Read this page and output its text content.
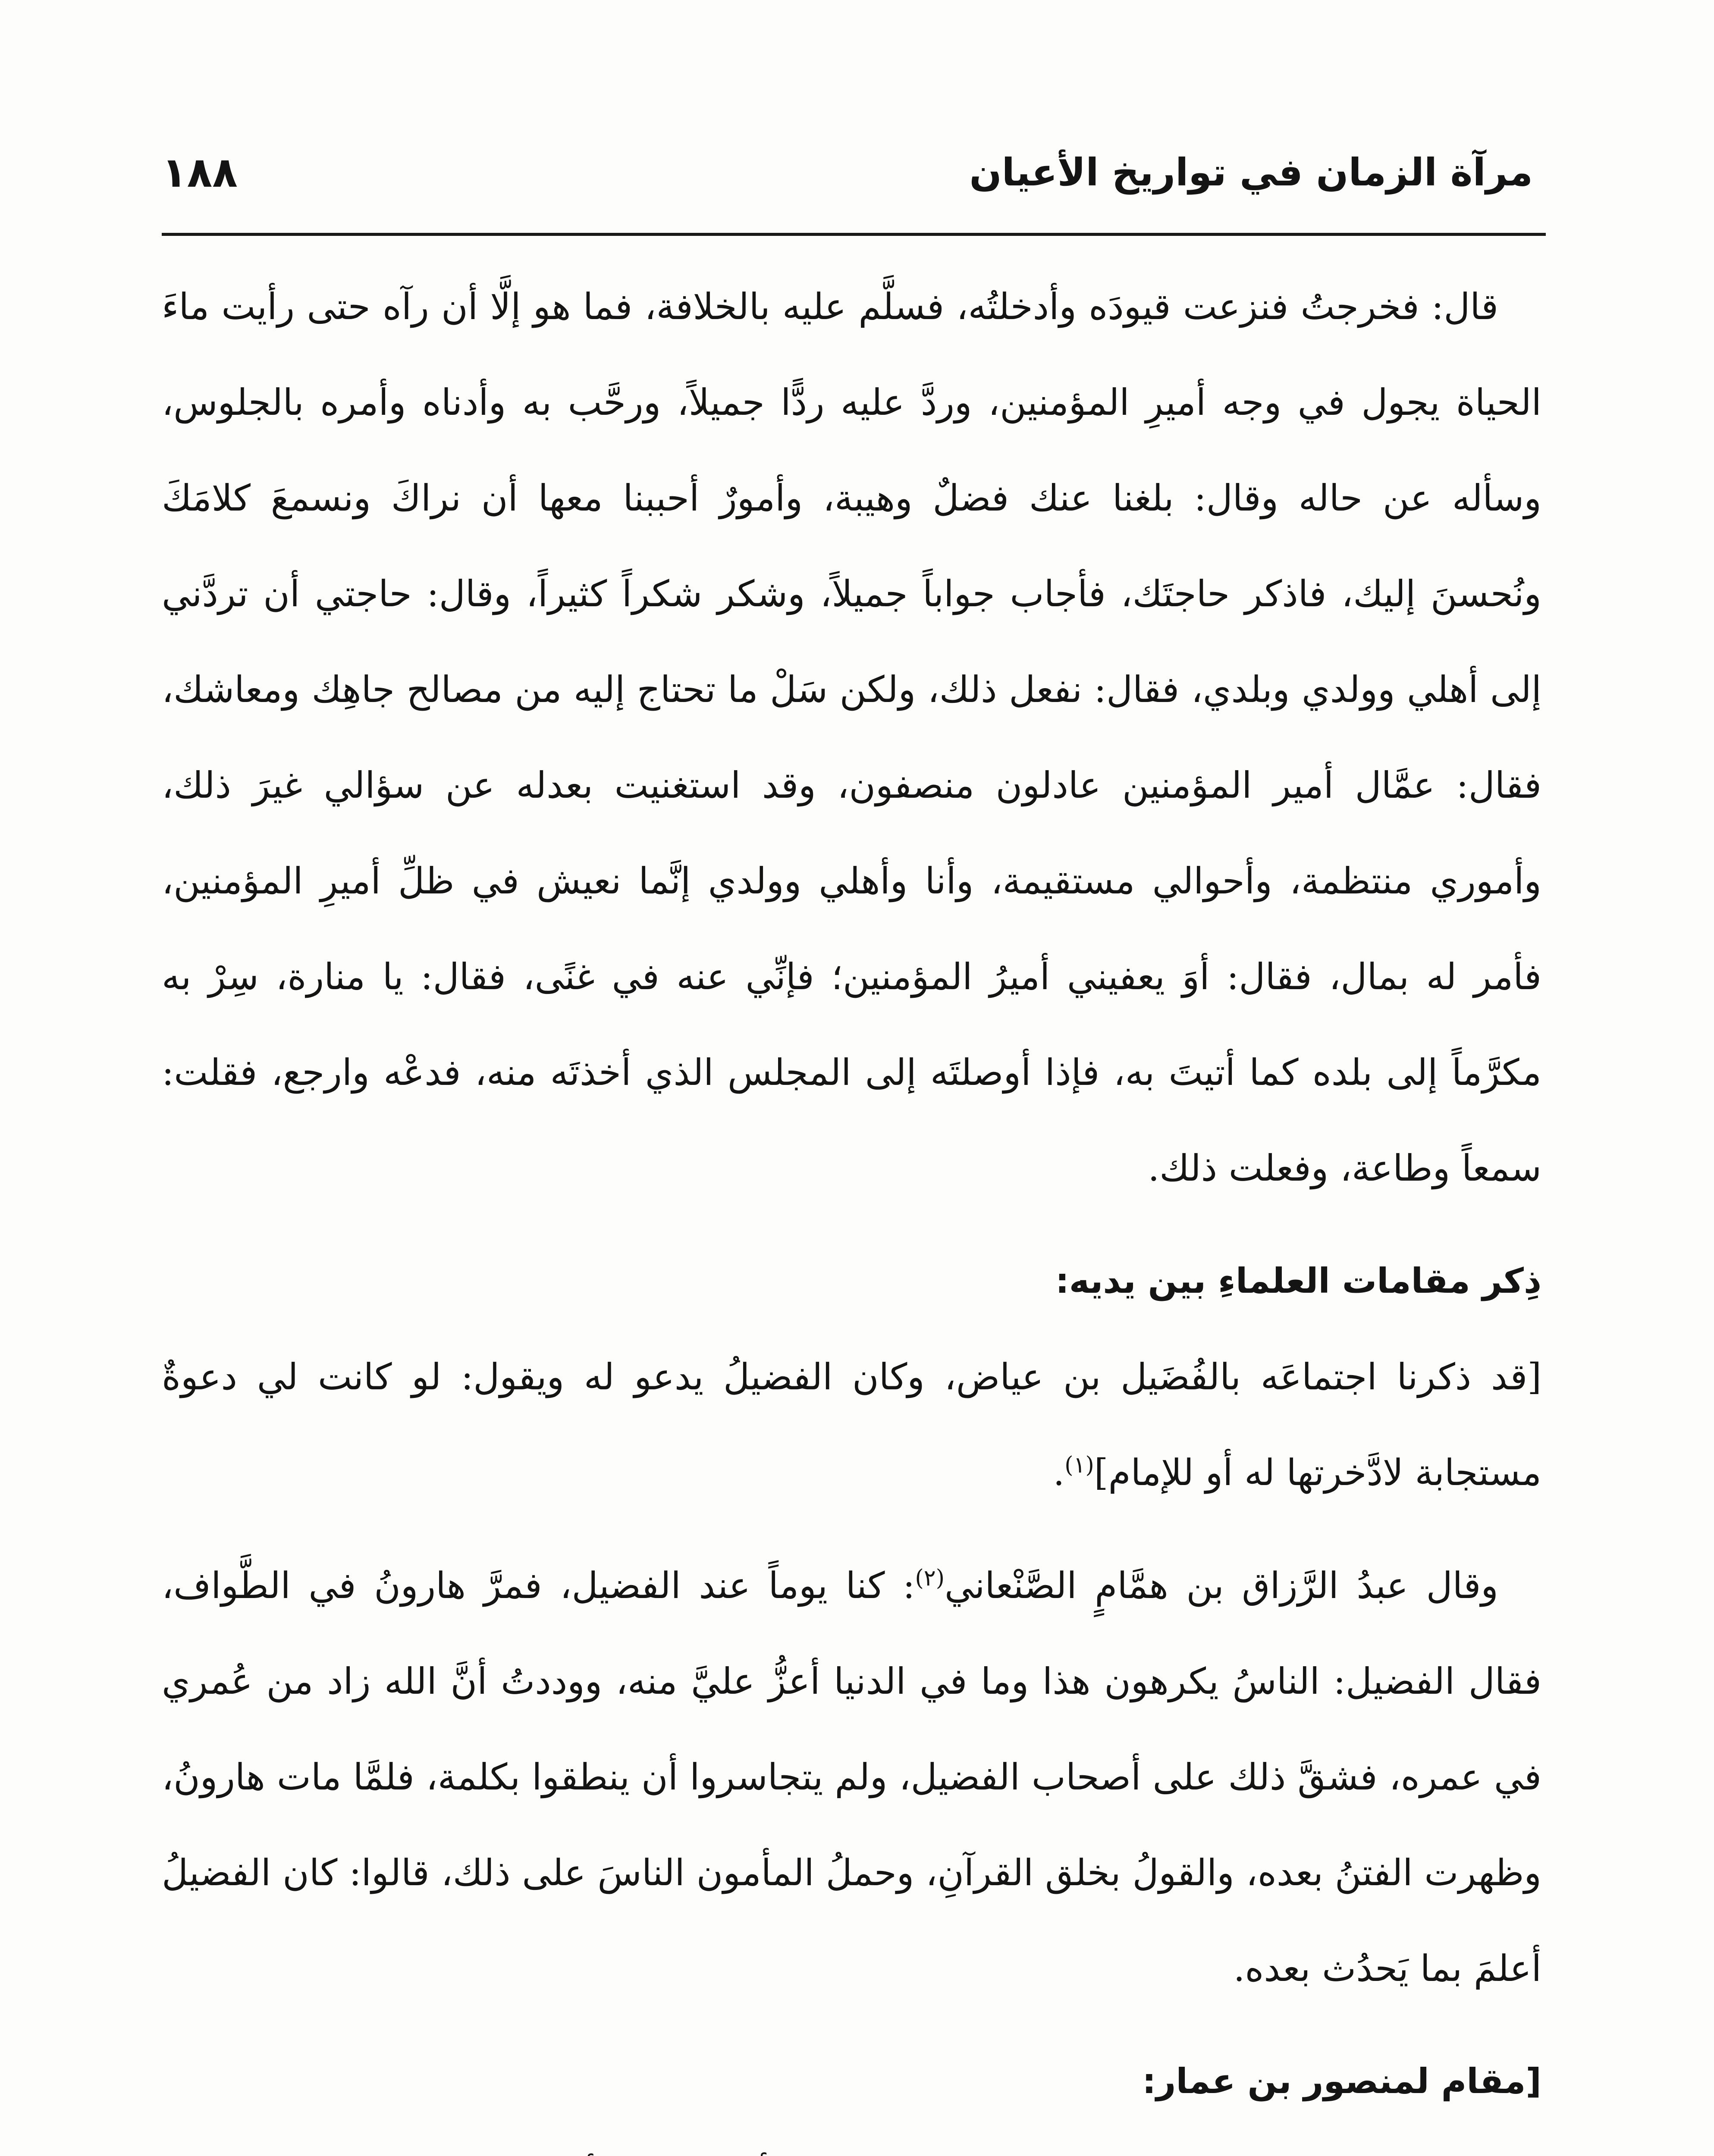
مرآة الزمان في تواريخ الأعيان
١٨٨

قال: فخرجتُ فنزعت قيودَه وأدخلتُه، فسلَّم عليه بالخلافة، فما هو إلَّا أن رآه حتى رأيت ماءَ الحياة يجول في وجه أميرِ المؤمنين، وردَّ عليه ردًّا جميلاً، ورحَّب به وأدناه وأمره بالجلوس، وسأله عن حاله وقال: بلغنا عنك فضلٌ وهيبة، وأمورٌ أحببنا معها أن نراكَ ونسمعَ كلامَكَ ونُحسنَ إليك، فاذكر حاجتَك، فأجاب جواباً جميلاً، وشكر شكراً كثيراً، وقال: حاجتي أن تردَّني إلى أهلي وولدي وبلدي، فقال: نفعل ذلك، ولكن سَلْ ما تحتاج إليه من مصالح جاهِك ومعاشك، فقال: عمَّال أمير المؤمنين عادلون منصفون، وقد استغنيت بعدله عن سؤالي غيرَ ذلك، وأموري منتظمة، وأحوالي مستقيمة، وأنا وأهلي وولدي إنَّما نعيش في ظلِّ أميرِ المؤمنين، فأمر له بمال، فقال: أوَ يعفيني أميرُ المؤمنين؛ فإنِّي عنه في غنًى، فقال: يا منارة، سِرْ به مكرَّماً إلى بلده كما أتيتَ به، فإذا أوصلتَه إلى المجلس الذي أخذتَه منه، فدعْه وارجع، فقلت: سمعاً وطاعة، وفعلت ذلك.

ذِكر مقامات العلماءِ بين يديه:

[قد ذكرنا اجتماعَه بالفُضَيل بن عياض، وكان الفضيلُ يدعو له ويقول: لو كانت لي دعوةٌ مستجابة لادَّخرتها له أو للإمام]$^{(١)}$.

وقال عبدُ الرَّزاق بن همَّامٍ الصَّنْعاني$^{(٢)}$: كنا يوماً عند الفضيل، فمرَّ هارونُ في الطَّواف، فقال الفضيل: الناسُ يكرهون هذا وما في الدنيا أعزُّ عليَّ منه، ووددتُ أنَّ الله زاد من عُمري في عمره، فشقَّ ذلك على أصحاب الفضيل، ولم يتجاسروا أن ينطقوا بكلمة، فلمَّا مات هارونُ، وظهرت الفتنُ بعده، والقولُ بخلق القرآنِ، وحملُ المأمون الناسَ على ذلك، قالوا: كان الفضيلُ أعلمَ بما يَحدُث بعده.

[مقام لمنصور بن عمار:
